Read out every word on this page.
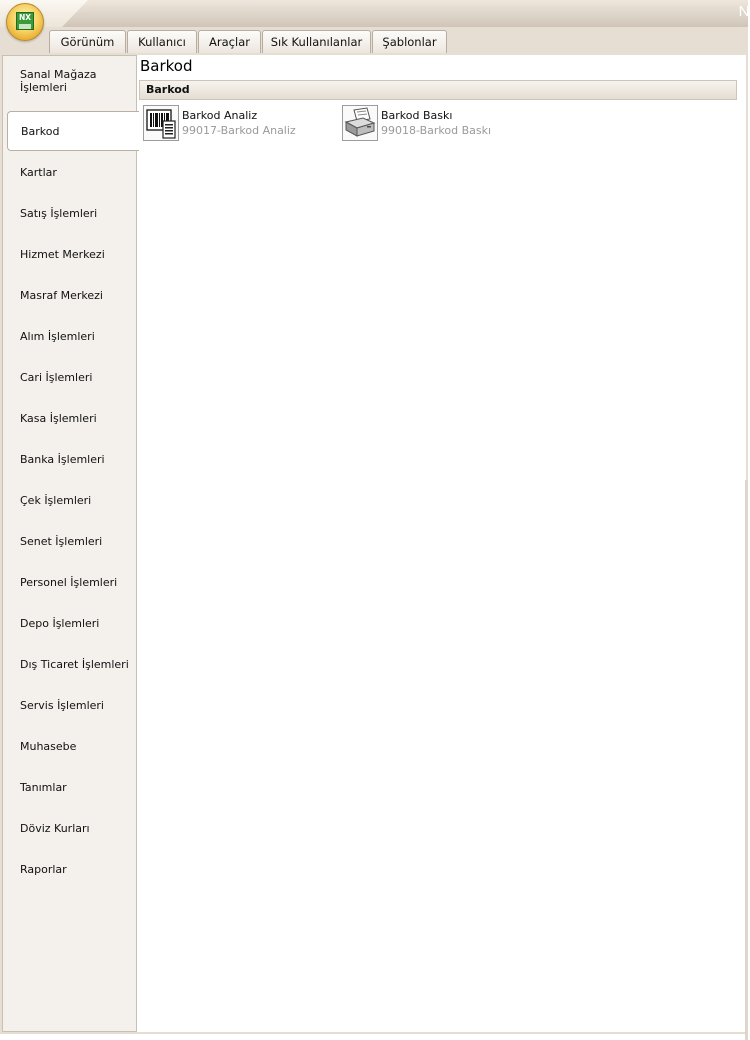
N
NX
Görünüm	Kullanıcı	Araçlar	Sık Kullanılanlar	Şablonlar
Sanal Mağaza İşlemleri
Barkod
Kartlar
Satış İşlemleri
Hizmet Merkezi
Masraf Merkezi
Alım İşlemleri
Cari İşlemleri
Kasa İşlemleri
Banka İşlemleri
Çek İşlemleri
Senet İşlemleri
Personel İşlemleri
Depo İşlemleri
Dış Ticaret İşlemleri
Servis İşlemleri
Muhasebe
Tanımlar
Döviz Kurları
Raporlar
Barkod
Barkod
Barkod Analiz
99017-Barkod Analiz
Barkod Baskı
99018-Barkod Baskı
